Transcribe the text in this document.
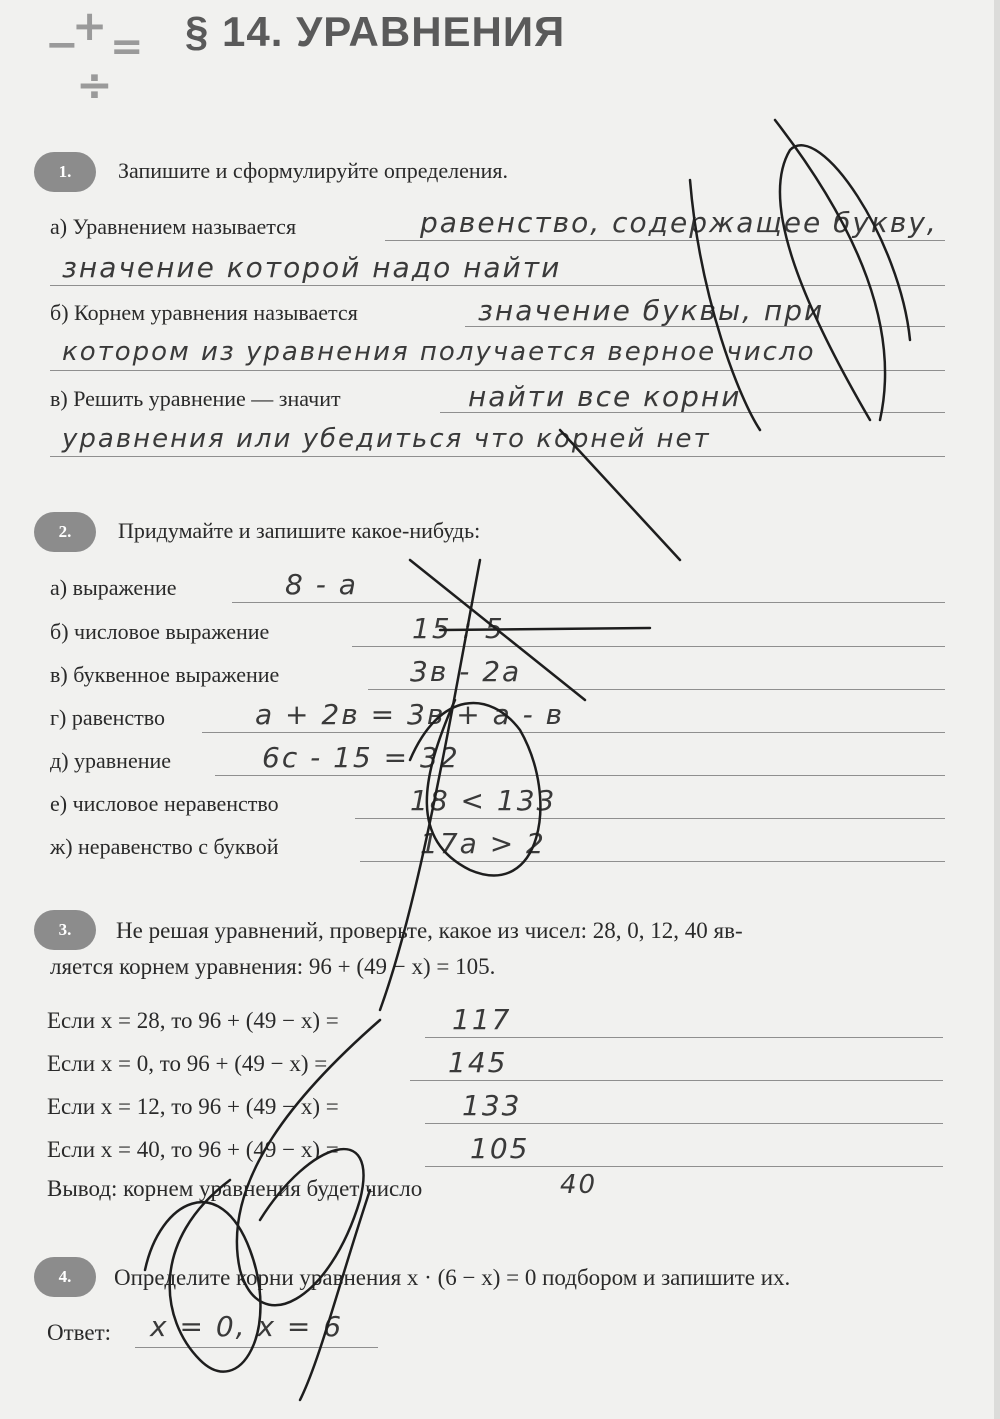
−
+ =
÷
§ 14. УРАВНЕНИЯ
1.	Запишите и сформулируйте определения.
а) Уравнением называется	равенство, содержащее букву,
значение которой надо найти
б) Корнем уравнения называется	значение буквы, при
котором из уравнения получается верное число
в) Решить уравнение — значит	найти все корни
уравнения или убедиться что корней нет
2.	Придумайте и запишите какое-нибудь:
а) выражение	8 - a
б) числовое выражение	15 : 5
в) буквенное выражение	3в - 2а
г) равенство	а + 2в = 3в + а - в
д) уравнение	6с - 15 = 32
е) числовое неравенство	18 < 133
ж) неравенство с буквой	17а > 2
3.	Не решая уравнений, проверьте, какое из чисел: 28, 0, 12, 40 яв-
ляется корнем уравнения: 96 + (49 − x) = 105.
Если x = 28, то 96 + (49 − x) =	117
Если x = 0, то 96 + (49 − x) =	145
Если x = 12, то 96 + (49 − x) =	133
Если x = 40, то 96 + (49 − x) =	105
Вывод: корнем уравнения будет число	40
4.	Определите корни уравнения x · (6 − x) = 0 подбором и запишите их.
Ответ: x = 0, x = 6
